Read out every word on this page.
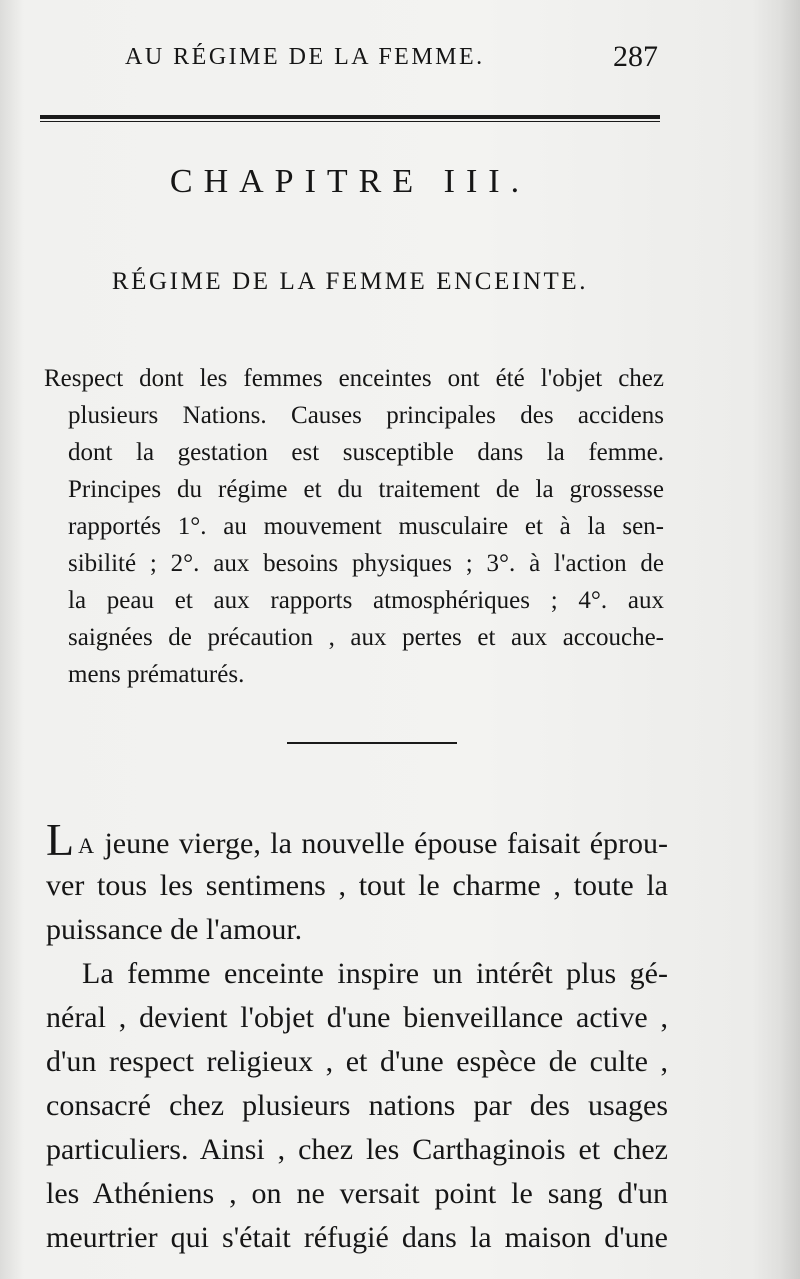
AU RÉGIME DE LA FEMME.	287
CHAPITRE III.
RÉGIME DE LA FEMME ENCEINTE.
Respect dont les femmes enceintes ont été l'objet chez
plusieurs Nations. Causes principales des accidens
dont la gestation est susceptible dans la femme.
Principes du régime et du traitement de la grossesse
rapportés 1°. au mouvement musculaire et à la sen-
sibilité ; 2°. aux besoins physiques ; 3°. à l'action de
la peau et aux rapports atmosphériques ; 4°. aux
saignées de précaution , aux pertes et aux accouche-
mens prématurés.
L A jeune vierge, la nouvelle épouse faisait éprou-
ver tous les sentimens , tout le charme , toute la
puissance de l'amour.
La femme enceinte inspire un intérêt plus gé-
néral , devient l'objet d'une bienveillance active ,
d'un respect religieux , et d'une espèce de culte ,
consacré chez plusieurs nations par des usages
particuliers. Ainsi , chez les Carthaginois et chez
les Athéniens , on ne versait point le sang d'un
meurtrier qui s'était réfugié dans la maison d'une
